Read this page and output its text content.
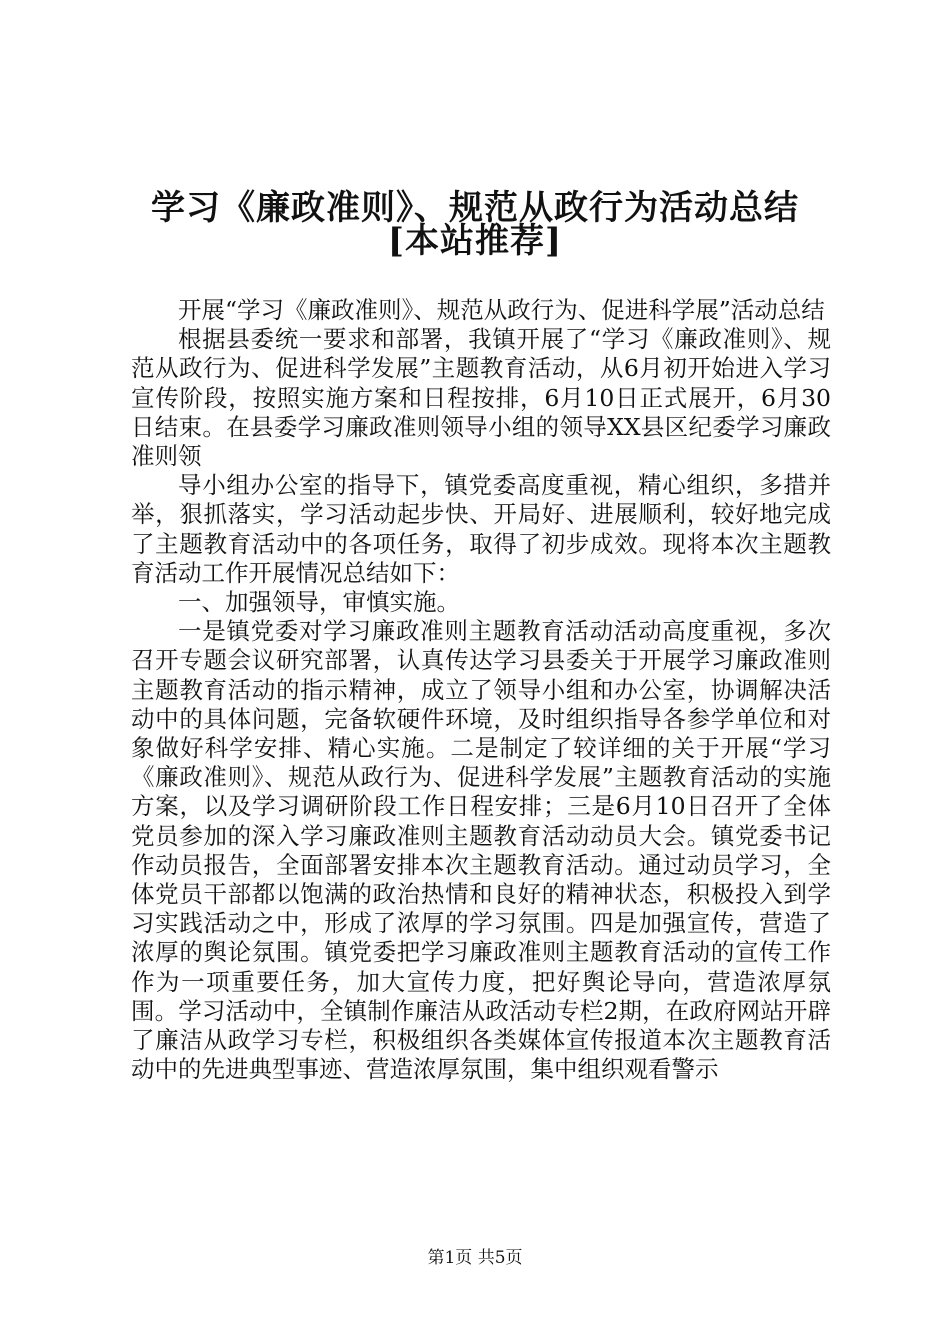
学习《廉政准则》、规范从政行为活动总结
[本站推荐]

开展“学习《廉政准则》、规范从政行为、促进科学展”活动总结

根据县委统一要求和部署，我镇开展了“学习《廉政准则》、规范从政行为、促进科学发展”主题教育活动，从6月初开始进入学习宣传阶段，按照实施方案和日程按排，6月10日正式展开，6月30日结束。在县委学习廉政准则领导小组的领导XX县区纪委学习廉政准则领

导小组办公室的指导下，镇党委高度重视，精心组织，多措并举，狠抓落实，学习活动起步快、开局好、进展顺利，较好地完成了主题教育活动中的各项任务，取得了初步成效。现将本次主题教育活动工作开展情况总结如下：

一、加强领导，审慎实施。

一是镇党委对学习廉政准则主题教育活动活动高度重视，多次召开专题会议研究部署，认真传达学习县委关于开展学习廉政准则主题教育活动的指示精神，成立了领导小组和办公室，协调解决活动中的具体问题，完备软硬件环境，及时组织指导各参学单位和对象做好科学安排、精心实施。二是制定了较详细的关于开展“学习《廉政准则》、规范从政行为、促进科学发展”主题教育活动的实施方案，以及学习调研阶段工作日程安排；三是6月10日召开了全体党员参加的深入学习廉政准则主题教育活动动员大会。镇党委书记作动员报告，全面部署安排本次主题教育活动。通过动员学习，全体党员干部都以饱满的政治热情和良好的精神状态，积极投入到学习实践活动之中，形成了浓厚的学习氛围。四是加强宣传，营造了浓厚的舆论氛围。镇党委把学习廉政准则主题教育活动的宣传工作作为一项重要任务，加大宣传力度，把好舆论导向，营造浓厚氛围。学习活动中，全镇制作廉洁从政活动专栏2期，在政府网站开辟了廉洁从政学习专栏，积极组织各类媒体宣传报道本次主题教育活动中的先进典型事迹、营造浓厚氛围，集中组织观看警示

第1页 共5页
